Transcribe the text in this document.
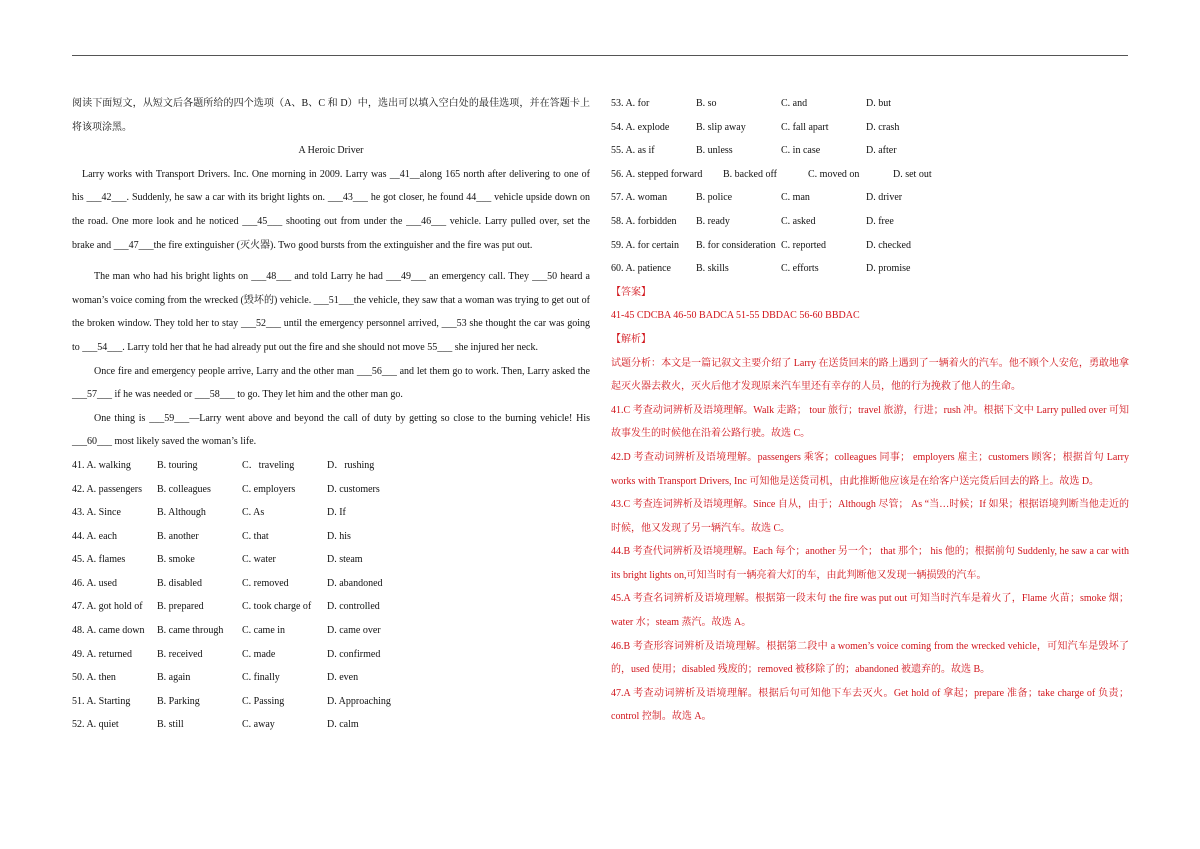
阅读下面短文，从短文后各题所给的四个选项（A、B、C 和 D）中，选出可以填入空白处的最佳选项，并在答题卡上将该项涂黑。

A Heroic Driver

Larry works with Transport Drivers. Inc. One morning in 2009. Larry was __41__along 165 north after delivering to one of his ___42___. Suddenly, he saw a car with its bright lights on. ___43___ he got closer, he found 44___ vehicle upside down on the road. One more look and he noticed ___45___ shooting out from under the ___46___ vehicle. Larry pulled over, set the brake and ___47___the fire extinguisher (灭火器). Two good bursts from the extinguisher and the fire was put out.

The man who had his bright lights on ___48___ and told Larry he had ___49___ an emergency call. They ___50 heard a woman’s voice coming from the wrecked (毁坏的) vehicle. ___51___the vehicle, they saw that a woman was trying to get out of the broken window. They told her to stay ___52___ until the emergency personnel arrived, ___53 she thought the car was going to ___54___. Larry told her that he had already put out the fire and she should not move 55___ she injured her neck.

Once fire and emergency people arrive, Larry and the other man ___56___ and let them go to work. Then, Larry asked the ___57___ if he was needed or ___58___ to go. They let him and the other man go.

One thing is ___59___—Larry went above and beyond the call of duty by getting so close to the burning vehicle! His ___60___ most likely saved the woman’s life.

41. A. walking	B. touring	C．traveling	D．rushing
42. A. passengers	B. colleagues	C. employers	D. customers
43. A. Since	B. Although	C. As	D. If
44. A. each	B. another	C. that	D. his
45. A. flames	B. smoke	C. water	D. steam
46. A. used	B. disabled	C. removed	D. abandoned
47. A. got hold of	B. prepared	C. took charge of	D. controlled
48. A. came down	B. came through	C. came in	D. came over
49. A. returned	B. received	C. made	D. confirmed
50. A. then	B. again	C. finally	D. even
51. A. Starting	B. Parking	C. Passing	D. Approaching
52. A. quiet	B. still	C. away	D. calm
53. A. for	B. so	C. and	D. but
54. A. explode	B. slip away	C. fall apart	D. crash
55. A. as if	B. unless	C. in case	D. after
56. A. stepped forward	B. backed off	C. moved on	D. set out
57. A. woman	B. police	C. man	D. driver
58. A. forbidden	B. ready	C. asked	D. free
59. A. for certain	B. for consideration C. reported	D. checked
60. A. patience	B. skills	C. efforts	D. promise

【答案】

41-45 CDCBA 46-50 BADCA 51-55 DBDAC 56-60 BBDAC

【解析】

试题分析：本文是一篇记叙文主要介绍了 Larry 在送货回来的路上遇到了一辆着火的汽车。他不顾个人安危，勇敢地拿起灭火器去救火，灭火后他才发现原来汽车里还有幸存的人员，他的行为挽救了他人的生命。

41.C 考查动词辨析及语境理解。Walk 走路； tour 旅行；travel 旅游，行进；rush 冲。根据下文中 Larry pulled over 可知故事发生的时候他在沿着公路行驶。故选 C。

42.D 考查动词辨析及语境理解。passengers 乘客；colleagues 同事； employers 雇主；customers 顾客；根据首句 Larry works with Transport Drivers, Inc 可知他是送货司机，由此推断他应该是在给客户送完货后回去的路上。故选 D。

43.C 考查连词辨析及语境理解。Since 自从，由于；Although 尽管； As “当…时候；If 如果；根据语境判断当他走近的时候，他又发现了另一辆汽车。故选 C。

44.B 考查代词辨析及语境理解。Each 每个；another 另一个； that 那个； his 他的；根据前句 Suddenly, he saw a car with its bright lights on,可知当时有一辆亮着大灯的车，由此判断他又发现一辆损毁的汽车。

45.A 考查名词辨析及语境理解。根据第一段末句 the fire was put out 可知当时汽车是着火了，Flame 火苗；smoke 烟；water 水；steam 蒸汽。故选 A。

46.B 考查形容词辨析及语境理解。根据第二段中 a women’s voice coming from the wrecked vehicle，可知汽车是毁坏了的，used 使用；disabled 残废的；removed 被移除了的；abandoned 被遗弃的。故选 B。

47.A 考查动词辨析及语境理解。根据后句可知他下车去灭火。Get hold of 拿起；prepare 准备；take charge of 负责；control 控制。故选 A。
